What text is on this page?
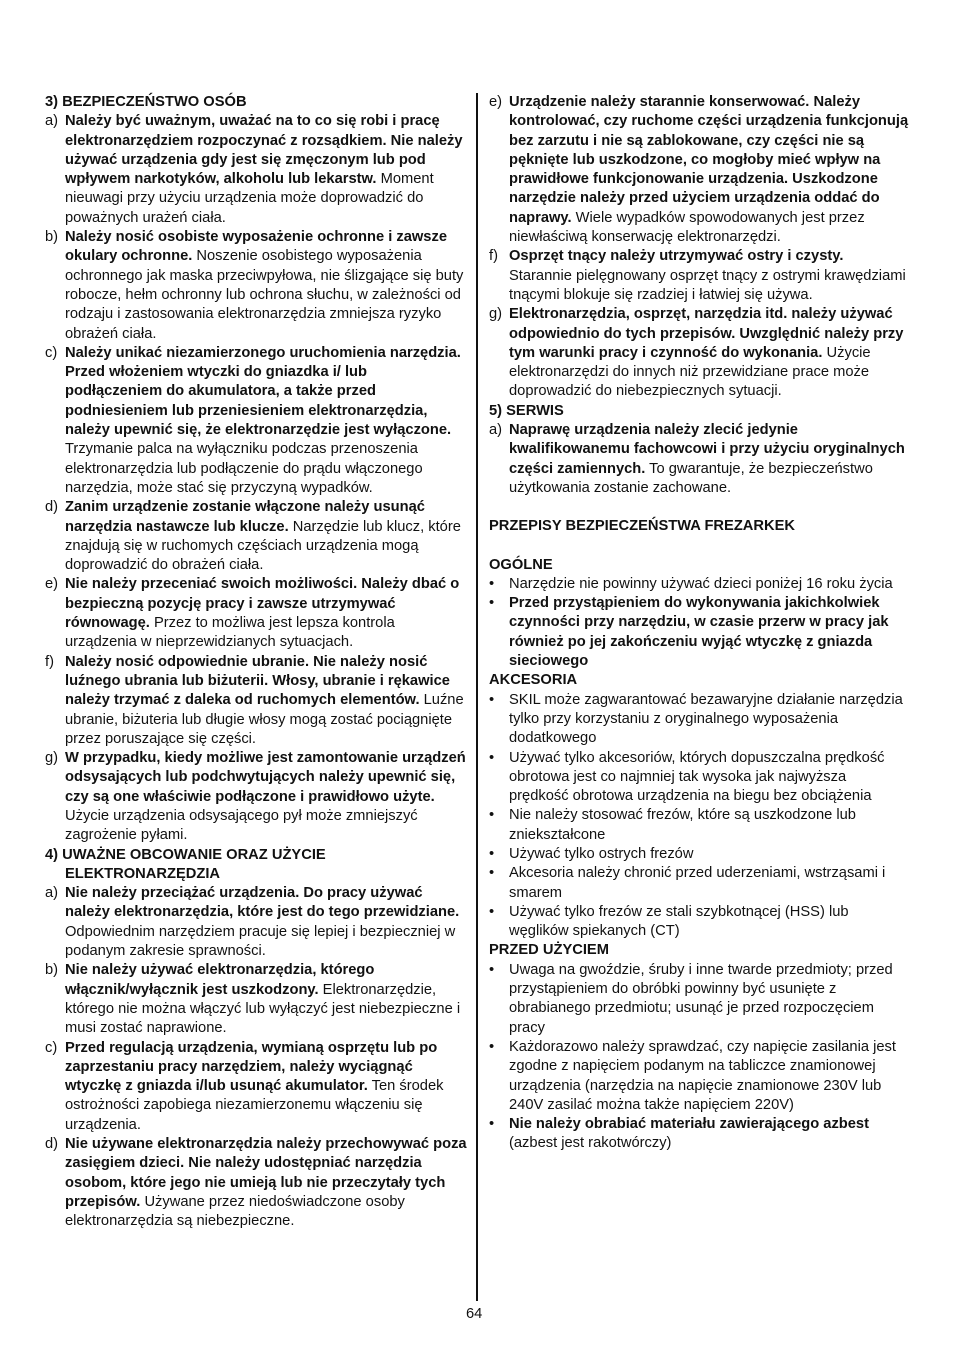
3) BEZPIECZEŃSTWO OSÓB
a) Należy być uważnym, uważać na to co się robi i pracę elektronarzędziem rozpoczynać z rozsądkiem. Nie należy używać urządzenia gdy jest się zmęczonym lub pod wpływem narkotyków, alkoholu lub lekarstw. Moment nieuwagi przy użyciu urządzenia może doprowadzić do poważnych urażeń ciała.
b) Należy nosić osobiste wyposażenie ochronne i zawsze okulary ochronne. Noszenie osobistego wyposażenia ochronnego jak maska przeciwpyłowa, nie ślizgające się buty robocze, hełm ochronny lub ochrona słuchu, w zależności od rodzaju i zastosowania elektronarzędzia zmniejsza ryzyko obrażeń ciała.
c) Należy unikać niezamierzonego uruchomienia narzędzia. Przed włożeniem wtyczki do gniazdka i/ lub podłączeniem do akumulatora, a także przed podniesieniem lub przeniesieniem elektronarzędzia, należy upewnić się, że elektronarzędzie jest wyłączone. Trzymanie palca na wyłączniku podczas przenoszenia elektronarzędzia lub podłączenie do prądu włączonego narzędzia, może stać się przyczyną wypadków.
d) Zanim urządzenie zostanie włączone należy usunąć narzędzia nastawcze lub klucze. Narzędzie lub klucz, które znajdują się w ruchomych częściach urządzenia mogą doprowadzić do obrażeń ciała.
e) Nie należy przeceniać swoich możliwości. Należy dbać o bezpieczną pozycję pracy i zawsze utrzymywać równowagę. Przez to możliwa jest lepsza kontrola urządzenia w nieprzewidzianych sytuacjach.
f) Należy nosić odpowiednie ubranie. Nie należy nosić luźnego ubrania lub biżuterii. Włosy, ubranie i rękawice należy trzymać z daleka od ruchomych elementów. Luźne ubranie, biżuteria lub długie włosy mogą zostać pociągnięte przez poruszające się części.
g) W przypadku, kiedy możliwe jest zamontowanie urządzeń odsysających lub podchwytujących należy upewnić się, czy są one właściwie podłączone i prawidłowo użyte. Użycie urządzenia odsysającego pył może zmniejszyć zagrożenie pyłami.
4) UWAŻNE OBCOWANIE ORAZ UŻYCIE
ELEKTRONARZĘDZIA
a) Nie należy przeciążać urządzenia. Do pracy używać należy elektronarzędzia, które jest do tego przewidziane. Odpowiednim narzędziem pracuje się lepiej i bezpieczniej w podanym zakresie sprawności.
b) Nie należy używać elektronarzędzia, którego włącznik/wyłącznik jest uszkodzony. Elektronarzędzie, którego nie można włączyć lub wyłączyć jest niebezpieczne i musi zostać naprawione.
c) Przed regulacją urządzenia, wymianą osprzętu lub po zaprzestaniu pracy narzędziem, należy wyciągnąć wtyczkę z gniazda i/lub usunąć akumulator. Ten środek ostrożności zapobiega niezamierzonemu włączeniu się urządzenia.
d) Nie używane elektronarzędzia należy przechowywać poza zasięgiem dzieci. Nie należy udostępniać narzędzia osobom, które jego nie umieją lub nie przeczytały tych przepisów. Używane przez niedoświadczone osoby elektronarzędzia są niebezpieczne.
e) Urządzenie należy starannie konserwować. Należy kontrolować, czy ruchome części urządzenia funkcjonują bez zarzutu i nie są zablokowane, czy części nie są pęknięte lub uszkodzone, co mogłoby mieć wpływ na prawidłowe funkcjonowanie urządzenia. Uszkodzone narzędzie należy przed użyciem urządzenia oddać do naprawy. Wiele wypadków spowodowanych jest przez niewłaściwą konserwację elektronarzędzi.
f) Osprzęt tnący należy utrzymywać ostry i czysty. Starannie pielęgnowany osprzęt tnący z ostrymi krawędziami tnącymi blokuje się rzadziej i łatwiej się używa.
g) Elektronarzędzia, osprzęt, narzędzia itd. należy używać odpowiednio do tych przepisów. Uwzględnić należy przy tym warunki pracy i czynność do wykonania. Użycie elektronarzędzi do innych niż przewidziane prace może doprowadzić do niebezpiecznych sytuacji.
5) SERWIS
a) Naprawę urządzenia należy zlecić jedynie kwalifikowanemu fachowcowi i przy użyciu oryginalnych części zamiennych. To gwarantuje, że bezpieczeństwo użytkowania zostanie zachowane.
PRZEPISY BEZPIECZEŃSTWA FREZARKEK
OGÓLNE
• Narzędzie nie powinny używać dzieci poniżej 16 roku życia
• Przed przystąpieniem do wykonywania jakichkolwiek czynności przy narzędziu, w czasie przerw w pracy jak również po jej zakończeniu wyjąć wtyczkę z gniazda sieciowego
AKCESORIA
• SKIL może zagwarantować bezawaryjne działanie narzędzia tylko przy korzystaniu z oryginalnego wyposażenia dodatkowego
• Używać tylko akcesoriów, których dopuszczalna prędkość obrotowa jest co najmniej tak wysoka jak najwyższa prędkość obrotowa urządzenia na biegu bez obciążenia
• Nie należy stosować frezów, które są uszkodzone lub zniekształcone
• Używać tylko ostrych frezów
• Akcesoria należy chronić przed uderzeniami, wstrząsami i smarem
• Używać tylko frezów ze stali szybkotnącej (HSS) lub węglików spiekanych (CT)
PRZED UŻYCIEM
• Uwaga na gwoździe, śruby i inne twarde przedmioty; przed przystąpieniem do obróbki powinny być usunięte z obrabianego przedmiotu; usunąć je przed rozpoczęciem pracy
• Każdorazowo należy sprawdzać, czy napięcie zasilania jest zgodne z napięciem podanym na tabliczce znamionowej urządzenia (narzędzia na napięcie znamionowe 230V lub 240V zasilać można także napięciem 220V)
• Nie należy obrabiać materiału zawierającego azbest (azbest jest rakotwórczy)
64
